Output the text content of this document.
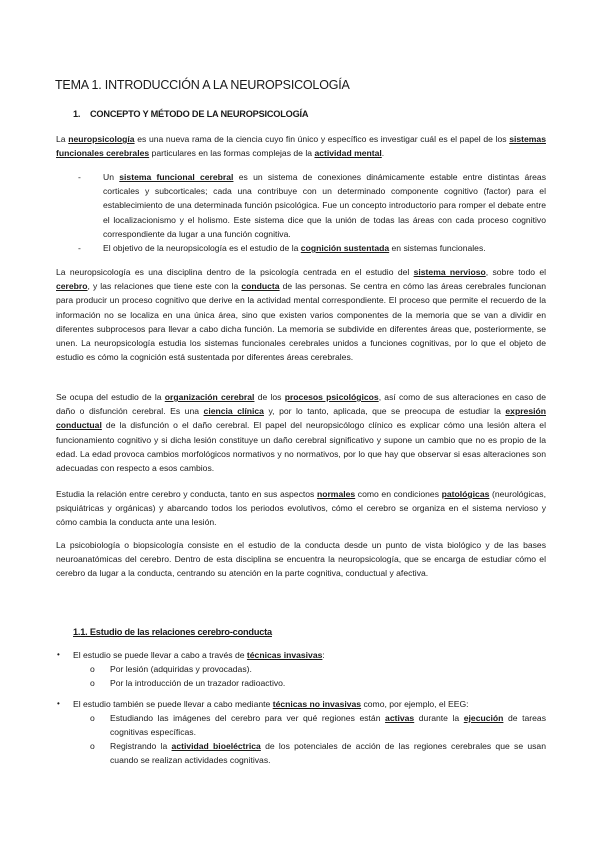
TEMA 1. INTRODUCCIÓN A LA NEUROPSICOLOGÍA
1. CONCEPTO Y MÉTODO DE LA NEUROPSICOLOGÍA
La neuropsicología es una nueva rama de la ciencia cuyo fin único y específico es investigar cuál es el papel de los sistemas funcionales cerebrales particulares en las formas complejas de la actividad mental.
-	Un sistema funcional cerebral es un sistema de conexiones dinámicamente estable entre distintas áreas corticales y subcorticales; cada una contribuye con un determinado componente cognitivo (factor) para el establecimiento de una determinada función psicológica. Fue un concepto introductorio para romper el debate entre el localizacionismo y el holismo. Este sistema dice que la unión de todas las áreas con cada proceso cognitivo correspondiente da lugar a una función cognitiva.
-	El objetivo de la neuropsicología es el estudio de la cognición sustentada en sistemas funcionales.
La neuropsicología es una disciplina dentro de la psicología centrada en el estudio del sistema nervioso, sobre todo el cerebro, y las relaciones que tiene este con la conducta de las personas. Se centra en cómo las áreas cerebrales funcionan para producir un proceso cognitivo que derive en la actividad mental correspondiente. El proceso que permite el recuerdo de la información no se localiza en una única área, sino que existen varios componentes de la memoria que se van a dividir en diferentes subprocesos para llevar a cabo dicha función. La memoria se subdivide en diferentes áreas que, posteriormente, se unen. La neuropsicología estudia los sistemas funcionales cerebrales unidos a funciones cognitivas, por lo que el objeto de estudio es cómo la cognición está sustentada por diferentes áreas cerebrales.
Se ocupa del estudio de la organización cerebral de los procesos psicológicos, así como de sus alteraciones en caso de daño o disfunción cerebral. Es una ciencia clínica y, por lo tanto, aplicada, que se preocupa de estudiar la expresión conductual de la disfunción o el daño cerebral. El papel del neuropsicólogo clínico es explicar cómo una lesión altera el funcionamiento cognitivo y si dicha lesión constituye un daño cerebral significativo y supone un cambio que no es propio de la edad. La edad provoca cambios morfológicos normativos y no normativos, por lo que hay que observar si esas alteraciones son adecuadas con respecto a esos cambios.
Estudia la relación entre cerebro y conducta, tanto en sus aspectos normales como en condiciones patológicas (neurológicas, psiquiátricas y orgánicas) y abarcando todos los periodos evolutivos, cómo el cerebro se organiza en el sistema nervioso y cómo cambia la conducta ante una lesión.
La psicobiología o biopsicología consiste en el estudio de la conducta desde un punto de vista biológico y de las bases neuroanatómicas del cerebro. Dentro de esta disciplina se encuentra la neuropsicología, que se encarga de estudiar cómo el cerebro da lugar a la conducta, centrando su atención en la parte cognitiva, conductual y afectiva.
1.1. Estudio de las relaciones cerebro-conducta
• El estudio se puede llevar a cabo a través de técnicas invasivas:
o Por lesión (adquiridas y provocadas).
o Por la introducción de un trazador radioactivo.
• El estudio también se puede llevar a cabo mediante técnicas no invasivas como, por ejemplo, el EEG:
o Estudiando las imágenes del cerebro para ver qué regiones están activas durante la ejecución de tareas cognitivas específicas.
o Registrando la actividad bioeléctrica de los potenciales de acción de las regiones cerebrales que se usan cuando se realizan actividades cognitivas.
